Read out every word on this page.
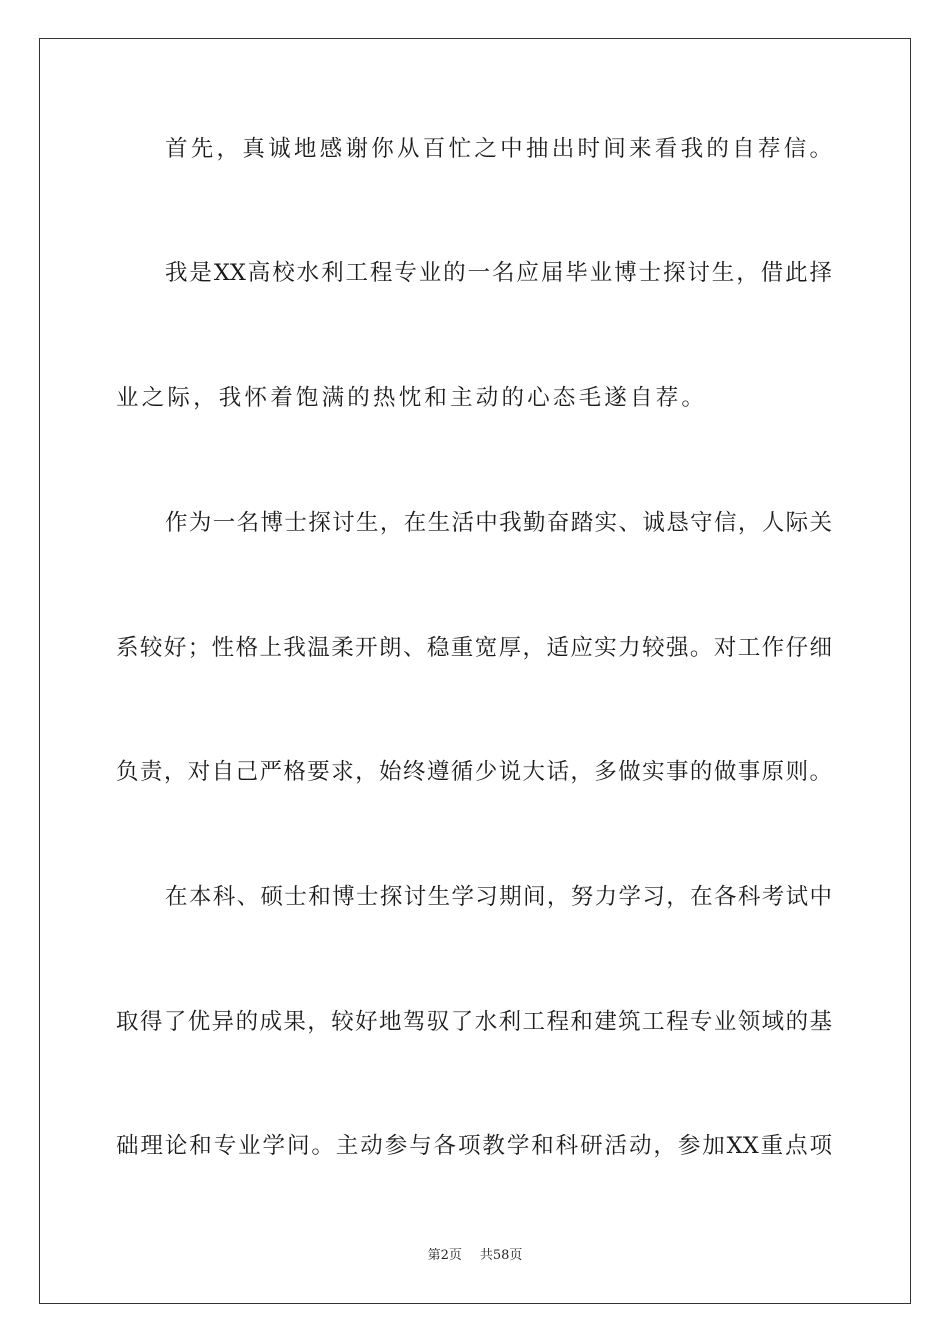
首先，真诚地感谢你从百忙之中抽出时间来看我的自荐信。
我是XX高校水利工程专业的一名应届毕业博士探讨生，借此择
业之际，我怀着饱满的热忱和主动的心态毛遂自荐。
作为一名博士探讨生，在生活中我勤奋踏实、诚恳守信，人际关
系较好；性格上我温柔开朗、稳重宽厚，适应实力较强。对工作仔细
负责，对自己严格要求，始终遵循少说大话，多做实事的做事原则。
在本科、硕士和博士探讨生学习期间，努力学习，在各科考试中
取得了优异的成果，较好地驾驭了水利工程和建筑工程专业领域的基
础理论和专业学问。主动参与各项教学和科研活动，参加XX重点项
第2页 共58页
